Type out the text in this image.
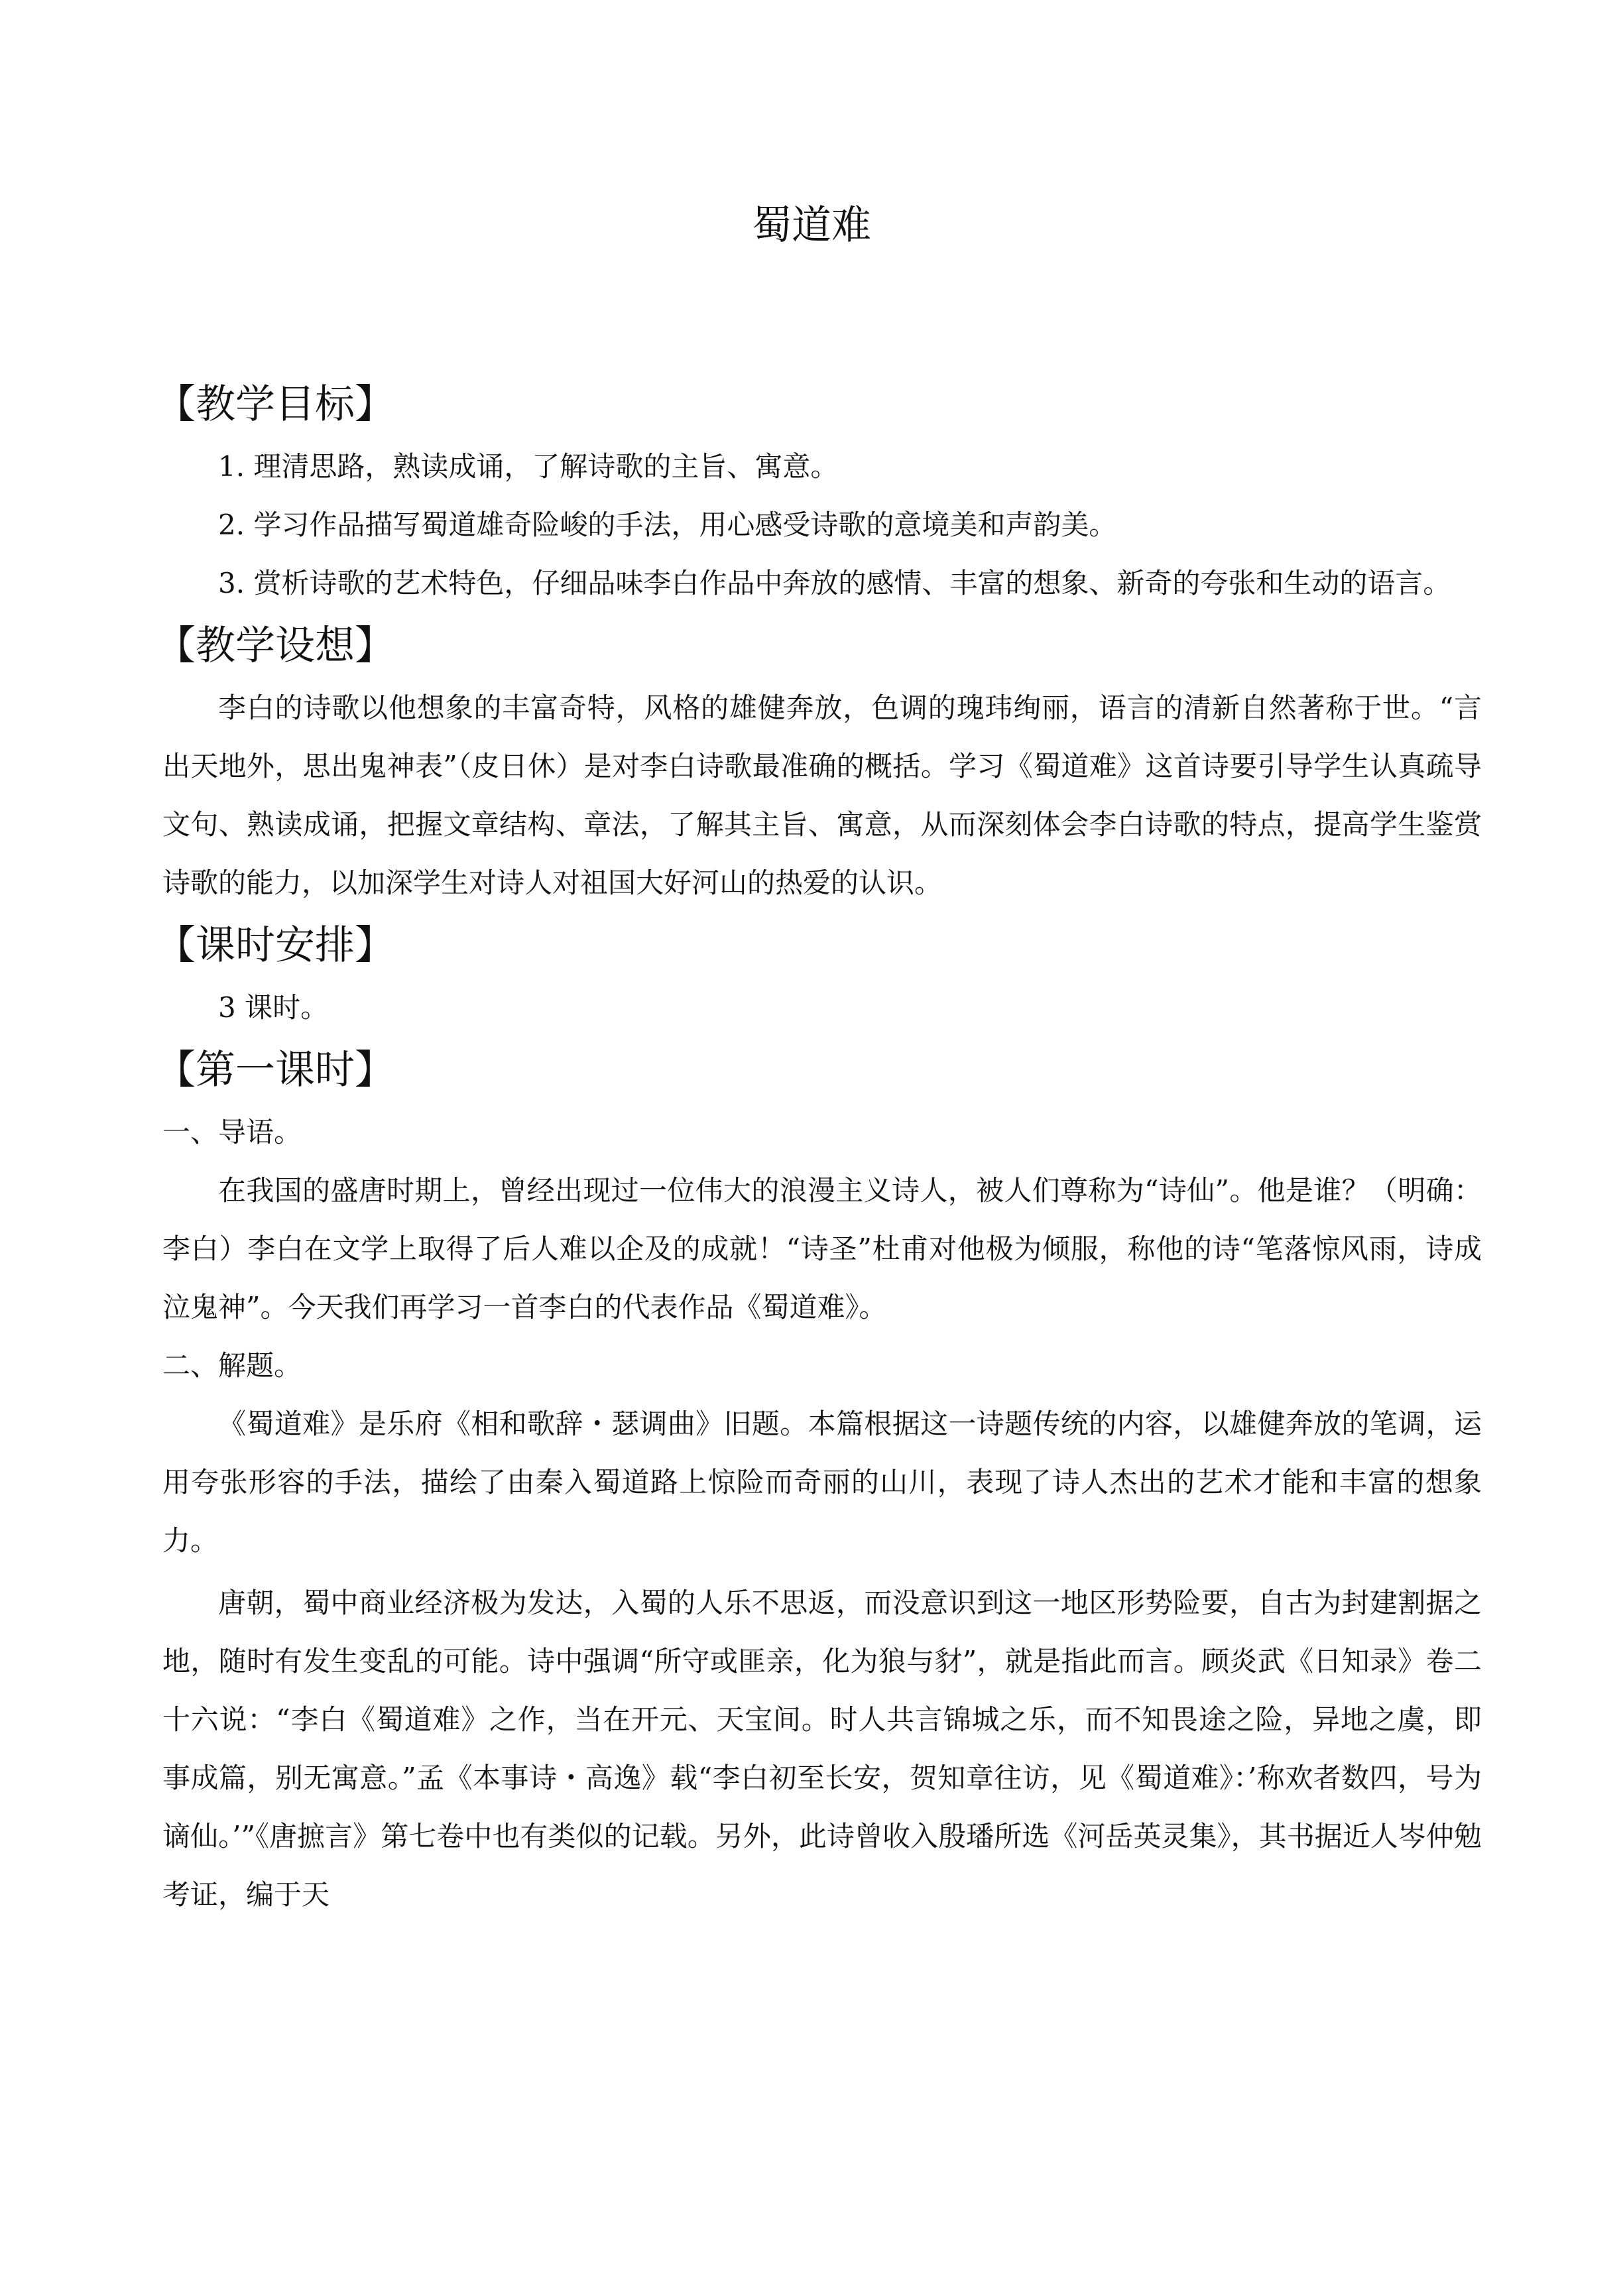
蜀道难
【教学目标】

1. 理清思路，熟读成诵，了解诗歌的主旨、寓意。

2. 学习作品描写蜀道雄奇险峻的手法，用心感受诗歌的意境美和声韵美。

3. 赏析诗歌的艺术特色，仔细品味李白作品中奔放的感情、丰富的想象、新奇的夸张和生动的语言。

【教学设想】

李白的诗歌以他想象的丰富奇特，风格的雄健奔放，色调的瑰玮绚丽，语言的清新自然著称于世。“言出天地外，思出鬼神表”（皮日休）是对李白诗歌最准确的概括。学习《蜀道难》这首诗要引导学生认真疏导文句、熟读成诵，把握文章结构、章法，了解其主旨、寓意，从而深刻体会李白诗歌的特点，提高学生鉴赏诗歌的能力，以加深学生对诗人对祖国大好河山的热爱的认识。

【课时安排】

3 课时。

【第一课时】

一、导语。

在我国的盛唐时期上，曾经出现过一位伟大的浪漫主义诗人，被人们尊称为“诗仙”。他是谁？（明确：李白）李白在文学上取得了后人难以企及的成就！“诗圣”杜甫对他极为倾服，称他的诗“笔落惊风雨，诗成泣鬼神”。今天我们再学习一首李白的代表作品《蜀道难》。

二、解题。

《蜀道难》是乐府《相和歌辞・瑟调曲》旧题。本篇根据这一诗题传统的内容，以雄健奔放的笔调，运用夸张形容的手法，描绘了由秦入蜀道路上惊险而奇丽的山川，表现了诗人杰出的艺术才能和丰富的想象力。

唐朝，蜀中商业经济极为发达，入蜀的人乐不思返，而没意识到这一地区形势险要，自古为封建割据之地，随时有发生变乱的可能。诗中强调“所守或匪亲，化为狼与豺”，就是指此而言。顾炎武《日知录》卷二十六说：“李白《蜀道难》之作，当在开元、天宝间。时人共言锦城之乐，而不知畏途之险，异地之虞，即事成篇，别无寓意。”孟《本事诗・高逸》载“李白初至长安，贺知章往访，见《蜀道难》：’称欢者数四，号为谪仙。’”《唐摭言》第七卷中也有类似的记载。另外，此诗曾收入殷璠所选《河岳英灵集》，其书据近人岑仲勉考证，编于天
